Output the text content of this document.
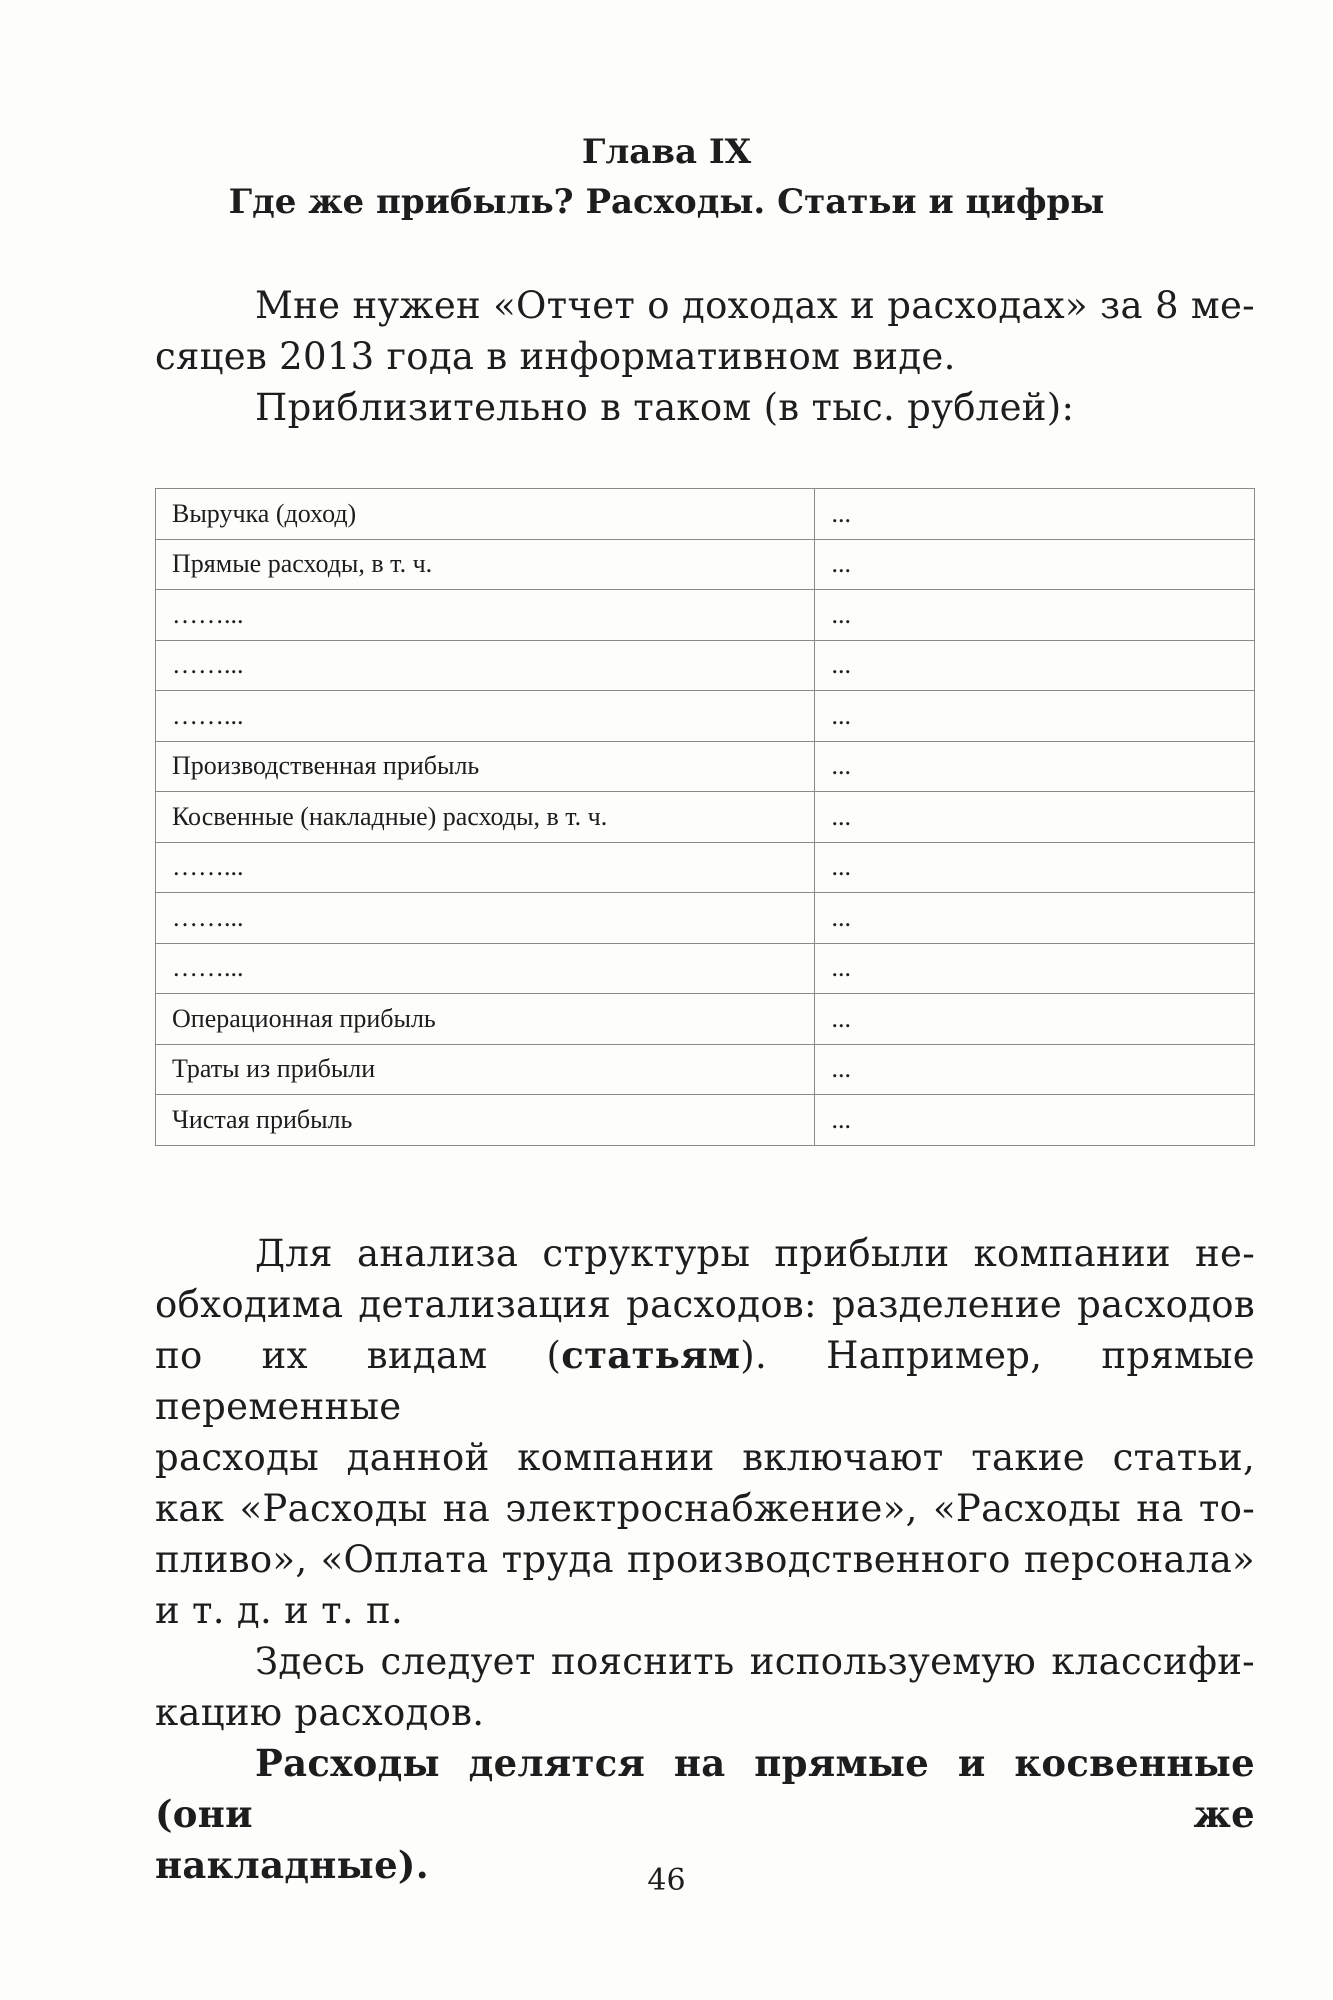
Глава IX
Где же прибыль? Расходы. Статьи и цифры
Мне нужен «Отчет о доходах и расходах» за 8 ме-
сяцев 2013 года в информативном виде.
Приблизительно в таком (в тыс. рублей):
Выручка (доход)	...
Прямые расходы, в т. ч.	...
……...	...
……...	...
……...	...
Производственная прибыль	...
Косвенные (накладные) расходы, в т. ч.	...
……...	...
……...	...
……...	...
Операционная прибыль	...
Траты из прибыли	...
Чистая прибыль	...
Для анализа структуры прибыли компании не-
обходима детализация расходов: разделение расходов
по их видам (статьям). Например, прямые переменные
расходы данной компании включают такие статьи,
как «Расходы на электроснабжение», «Расходы на то-
пливо», «Оплата труда производственного персонала»
и т. д. и т. п.
Здесь следует пояснить используемую классифи-
кацию расходов.
Расходы делятся на прямые и косвенные (они же
накладные).	46
